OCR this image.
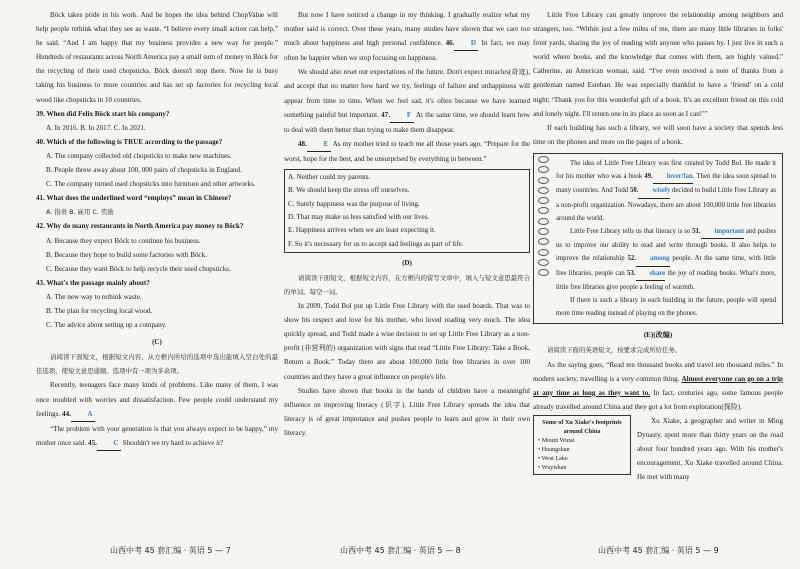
Böck takes pride in his work. And he hopes the idea behind ChopValue will help people rethink what they see as waste. “I believe every small action can help,” he said. “And I am happy that my business provides a new way for people.” Hundreds of restaurants across North America pay a small sum of money to Böck for the recycling of their used chopsticks. Böck doesn't stop there. Now he is busy taking his business to more countries and has set up factories for recycling local wood like chopsticks in 10 countries.

39. When did Felix Böck start his company?

A. In 2016. B. In 2017. C. In 2021.

40. Which of the following is TRUE according to the passage?

A. The company collected old chopsticks to make new machines.

B. People threw away about 100, 000 pairs of chopsticks in England.

C. The company turned used chopsticks into furniture and other artworks.

41. What does the underlined word “employs” mean in Chinese?

A. 指责 B. 雇用 C. 奖励

42. Why do many restaurants in North America pay money to Böck?

A. Because they expect Böck to continue his business.

B. Because they hope to build some factories with Böck.

C. Because they want Böck to help recycle their used chopsticks.

43. What's the passage mainly about?

A. The new way to rethink waste.

B. The plan for recycling local wood.

C. The advice about setting up a company.

(C)

请阅读下面短文，根据短文内容，从方框内所给的选项中选出能填入空白处的最佳选项，使短文意思通顺。选项中有一项为多余项。

Recently, teenagers face many kinds of problems. Like many of them, I was once troubled with worries and dissatisfaction. Few people could understand my feelings. 44. A

“The problem with your generation is that you always expect to be happy,” my mother once said. 45. C Shouldn't we try hard to achieve it?

But now I have noticed a change in my thinking. I gradually realize what my mother said is correct. Over these years, many studies have shown that we care too much about happiness and high personal confidence. 46. D In fact, we may often be happier when we stop focusing on happiness.

We should also reset our expectations of the future. Don't expect miracles(奇迹), and accept that no matter how hard we try, feelings of failure and unhappiness will appear from time to time. When we feel sad, it's often because we have learned something painful but important. 47. F At the same time, we should learn how to deal with them better than trying to make them disappear.

48. E As my mother tried to teach me all those years ago, “Prepare for the worst, hope for the best, and be unsurprised by everything in between.”

A. Neither could my parents.

B. We should keep the stress off ourselves.

C. Surely happiness was the purpose of living.

D. That may make us less satisfied with our lives.

E. Happiness arrives when we are least expecting it.

F. So it's necessary for us to accept sad feelings as part of life.

(D)

请阅读下面短文，根据短文内容，在方框内的留写文章中，填入与短文意思最符合的单词。每空一词。

In 2009, Todd Bol put up Little Free Library with the used boards. That was to show his respect and love for his mother, who loved reading very much. The idea quickly spread, and Todd made a wise decision to set up Little Free Library as a non-profit (非营利的) organization with signs that read “Little Free Library: Take a Book, Return a Book.” Today there are about 100,000 little free libraries in over 100 countries and they have a great influence on people's life.

Studies have shown that books in the hands of children have a meaningful influence on improving literacy (识字). Little Free Library spreads the idea that literacy is of great importance and pushes people to learn and grow in their own literacy.

Little Free Library can greatly improve the relationship among neighbors and strangers, too. “Within just a few miles of me, there are many little libraries in folks' front yards, sharing the joy of reading with anyone who passes by. I just live in such a world where books, and the knowledge that comes with them, are highly valued,” Catherine, an American woman, said. “I've even received a note of thanks from a gentleman named Esteban. He was especially thankful to have a ‘friend’ on a cold night; ‘Thank you for this wonderful gift of a book. It's an excellent friend on this cold and lonely night. I'll return one in its place as soon as I can!’”

If each building has such a library, we will soon have a society that spends less time on the phones and more on the pages of a book.

The idea of Little Free Library was first created by Todd Bol. He made it for his mother who was a book 49. lover/fan. Then the idea soon spread to many countries. And Todd 50. wisely decided to build Little Free Library as a non-profit organization. Nowadays, there are about 100,000 little free libraries around the world.

Little Free Library tells us that literacy is so 51. important and pushes us to improve our ability to read and write through books. It also helps to improve the relationship 52. among people. At the same time, with little free libraries, people can 53. share the joy of reading books. What's more, little free libraries give people a feeling of warmth.

If there is such a library in each building in the future, people will spend more time reading instead of playing on the phones.

(E)(改编)

请阅读下面的英语短文，按要求完成所给任务。

As the saying goes, “Read ten thousand books and travel ten thousand miles.” In modern society, travelling is a very common thing. Almost everyone can go on a trip at any time as long as they want to. In fact, centuries ago, some famous people already travelled around China and they got a lot from exploration(探险).

Some of Xu Xiake's footprints around China
• Mount Wutai
• Huangshan
• West Lake
• Wuyishan

Xu Xiake, a geographer and writer in Ming Dynasty, spent more than thirty years on the road about four hundred years ago. With his mother's encouragement, Xu Xiake travelled around China. He met with many

山西中考 45 套汇编 · 英语 5 — 7	山西中考 45 套汇编 · 英语 5 — 8	山西中考 45 套汇编 · 英语 5 — 9
